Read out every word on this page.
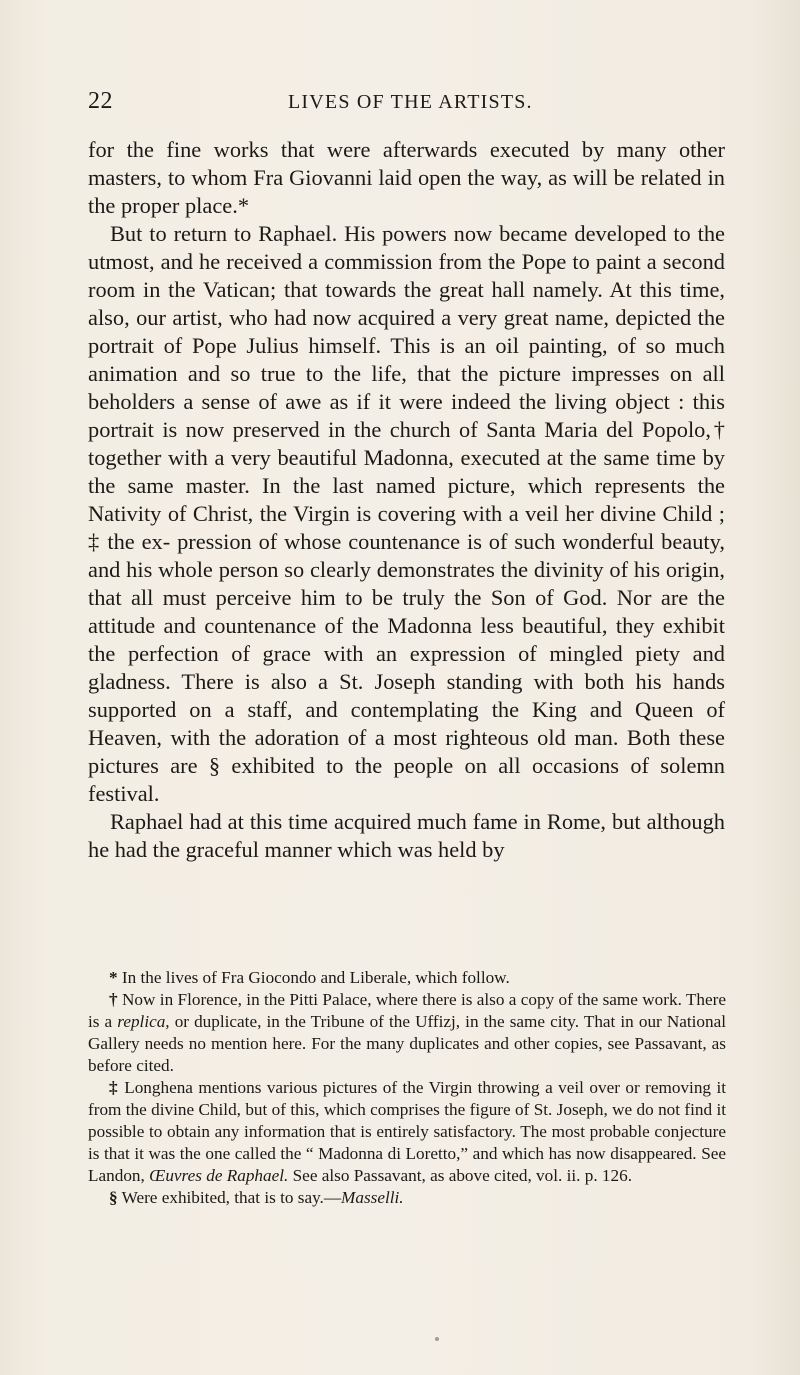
22	LIVES OF THE ARTISTS.

for the fine works that were afterwards executed by many other masters, to whom Fra Giovanni laid open the way, as will be related in the proper place.*

But to return to Raphael. His powers now became developed to the utmost, and he received a commission from the Pope to paint a second room in the Vatican; that towards the great hall namely. At this time, also, our artist, who had now acquired a very great name, depicted the portrait of Pope Julius himself. This is an oil painting, of so much animation and so true to the life, that the picture impresses on all beholders a sense of awe as if it were indeed the living object : this portrait is now preserved in the church of Santa Maria del Popolo,† together with a very beautiful Madonna, executed at the same time by the same master. In the last named picture, which represents the Nativity of Christ, the Virgin is covering with a veil her divine Child ; ‡ the ex- pression of whose countenance is of such wonderful beauty, and his whole person so clearly demonstrates the divinity of his origin, that all must perceive him to be truly the Son of God. Nor are the attitude and countenance of the Madonna less beautiful, they exhibit the perfection of grace with an expression of mingled piety and gladness. There is also a St. Joseph standing with both his hands supported on a staff, and contemplating the King and Queen of Heaven, with the adoration of a most righteous old man. Both these pictures are § exhibited to the people on all occasions of solemn festival.

Raphael had at this time acquired much fame in Rome, but although he had the graceful manner which was held by

* In the lives of Fra Giocondo and Liberale, which follow.

† Now in Florence, in the Pitti Palace, where there is also a copy of the same work. There is a replica, or duplicate, in the Tribune of the Uffizj, in the same city. That in our National Gallery needs no mention here. For the many duplicates and other copies, see Passavant, as before cited.

‡ Longhena mentions various pictures of the Virgin throwing a veil over or removing it from the divine Child, but of this, which comprises the figure of St. Joseph, we do not find it possible to obtain any information that is entirely satisfactory. The most probable conjecture is that it was the one called the “ Madonna di Loretto,” and which has now disappeared. See Landon, Œuvres de Raphael. See also Passavant, as above cited, vol. ii. p. 126.

§ Were exhibited, that is to say.—Masselli.
